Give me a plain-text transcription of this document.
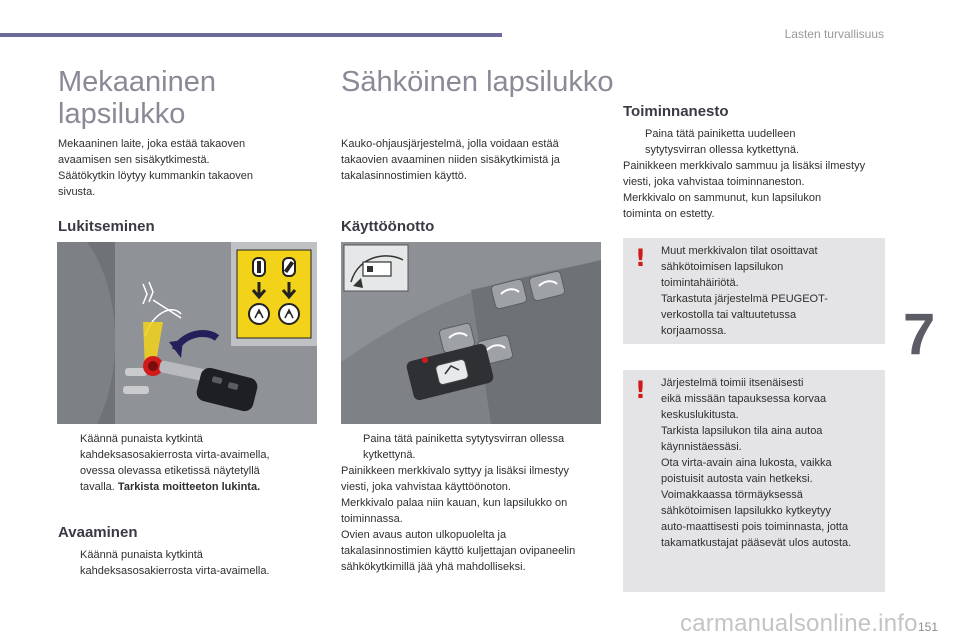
Lasten turvallisuus
Mekaaninen
lapsilukko
Mekaaninen laite, joka estää takaoven
avaamisen sen sisäkytkimestä.
Säätökytkin löytyy kummankin takaoven
sivusta.
Lukitseminen
Käännä punaista kytkintä
kahdeksasosakierrosta virta-avaimella,
ovessa olevassa etiketissä näytetyllä
tavalla. Tarkista moitteeton lukinta.
Avaaminen
Käännä punaista kytkintä
kahdeksasosakierrosta virta-avaimella.
Sähköinen lapsilukko
Kauko-ohjausjärjestelmä, jolla voidaan estää
takaovien avaaminen niiden sisäkytkimistä ja
takalasinnostimien käyttö.
Käyttöönotto
Paina tätä painiketta sytytysvirran ollessa
kytkettynä.
Painikkeen merkkivalo syttyy ja lisäksi ilmestyy
viesti, joka vahvistaa käyttöönoton.
Merkkivalo palaa niin kauan, kun lapsilukko on
toiminnassa.
Ovien avaus auton ulkopuolelta ja
takalasinnostimien käyttö kuljettajan ovipaneelin
sähkökytkimillä jää yhä mahdolliseksi.
Toiminnanesto
Paina tätä painiketta uudelleen
sytytysvirran ollessa kytkettynä.
Painikkeen merkkivalo sammuu ja lisäksi ilmestyy
viesti, joka vahvistaa toiminnaneston.
Merkkivalo on sammunut, kun lapsilukon
toiminta on estetty.
! Muut merkkivalon tilat osoittavat
sähkötoimisen lapsilukon
toimintahäiriötä.
Tarkastuta järjestelmä PEUGEOT-
verkostolla tai valtuutetussa
korjaamossa.
! Järjestelmä toimii itsenäisesti
eikä missään tapauksessa korvaa
keskuslukitusta.
Tarkista lapsilukon tila aina autoa
käynnistäessäsi.
Ota virta-avain aina lukosta, vaikka
poistuisit autosta vain hetkeksi.
Voimakkaassa törmäyksessä
sähkötoimisen lapsilukko kytkeytyy
auto-maattisesti pois toiminnasta, jotta
takamatkustajat pääsevät ulos autosta.
7
carmanualsonline.info 151
